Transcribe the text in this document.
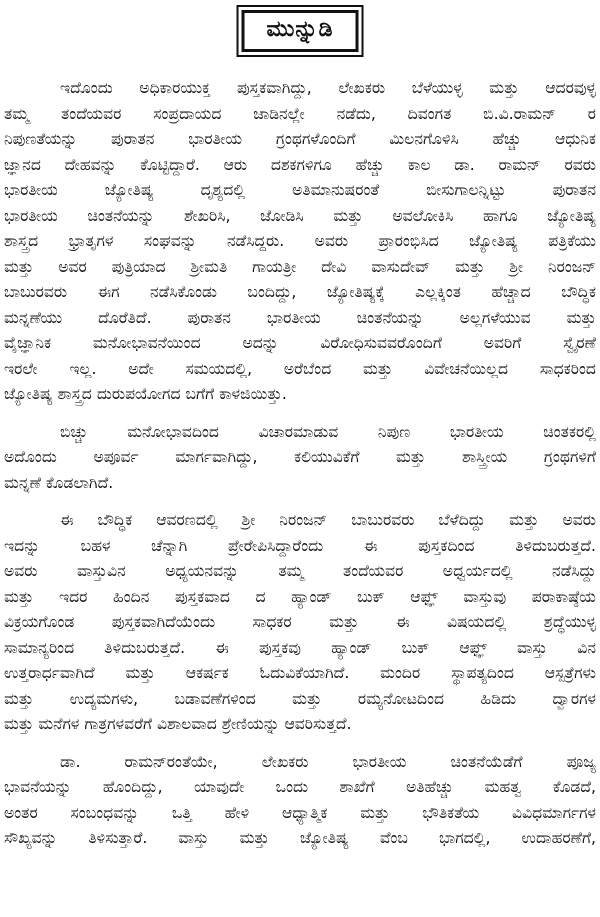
ಮುನ್ನುಡಿ

ಇದೊಂದು ಅಧಿಕಾರಯುಕ್ತ ಪುಸ್ತಕವಾಗಿದ್ದು, ಲೇಖಕರು ಬೆಳೆಯುಳ್ಳ ಮತ್ತು ಆದರವುಳ್ಳ
ತಮ್ಮ ತಂದೆಯವರ ಸಂಪ್ರದಾಯದ ಜಾಡಿನಲ್ಲೇ ನಡೆದು, ದಿವಂಗತ ಬಿ.ವಿ.ರಾಮನ್ ರ
ನಿಪುಣತೆಯನ್ನು ಪುರಾತನ ಭಾರತೀಯ ಗ್ರಂಥಗಳೊಂದಿಗೆ ಮಿಲನಗೊಳಿಸಿ ಹೆಚ್ಚು ಆಧುನಿಕ
ಜ್ಞಾನದ ದೇಹವನ್ನು ಕೊಟ್ಟಿದ್ದಾರೆ. ಆರು ದಶಕಗಳಿಗೂ ಹೆಚ್ಚು ಕಾಲ ಡಾ. ರಾಮನ್ ರವರು
ಭಾರತೀಯ ಜ್ಯೋತಿಷ್ಯ ದೃಶ್ಯದಲ್ಲಿ ಅತಿಮಾನುಷರಂತೆ ಬೀಸುಗಾಲನ್ನಿಟ್ಟು ಪುರಾತನ
ಭಾರತೀಯ ಚಿಂತನೆಯನ್ನು ಶೇಖರಿಸಿ, ಜೋಡಿಸಿ ಮತ್ತು ಅವಲೋಕಿಸಿ ಹಾಗೂ ಜ್ಯೋತಿಷ್ಯ
ಶಾಸ್ತ್ರದ ಭ್ರಾತೃಗಳ ಸಂಘವನ್ನು ನಡೆಸಿದ್ದರು. ಅವರು ಪ್ರಾರಂಭಿಸಿದ ಜ್ಯೋತಿಷ್ಯ ಪತ್ರಿಕೆಯು
ಮತ್ತು ಅವರ ಪುತ್ರಿಯಾದ ಶ್ರೀಮತಿ ಗಾಯತ್ರೀ ದೇವಿ ವಾಸುದೇವ್ ಮತ್ತು ಶ್ರೀ ನಿರಂಜನ್
ಬಾಬುರವರು ಈಗ ನಡೆಸಿಕೊಂಡು ಬಂದಿದ್ದು, ಜ್ಯೋತಿಷ್ಯಕ್ಕೆ ಎಲ್ಲಕ್ಕಿಂತ ಹೆಚ್ಚಾದ ಬೌದ್ಧಿಕ
ಮನ್ನಣೆಯು ದೊರೆತಿದೆ. ಪುರಾತನ ಭಾರತೀಯ ಚಿಂತನೆಯನ್ನು ಅಲ್ಲಗಳೆಯುವ ಮತ್ತು
ವೈಜ್ಞಾನಿಕ ಮನೋಭಾವನೆಯಿಂದ ಅದನ್ನು ವಿರೋಧಿಸುವವರೊಂದಿಗೆ ಅವರಿಗೆ ಸ್ವೈರಣೆ
ಇರಲೇ ಇಲ್ಲ. ಅದೇ ಸಮಯದಲ್ಲಿ, ಅರೆಬೆಂದ ಮತ್ತು ವಿವೇಚನೆಯಿಲ್ಲದ ಸಾಧಕರಿಂದ
ಜ್ಯೋತಿಷ್ಯ ಶಾಸ್ತ್ರದ ದುರುಪಯೋಗದ ಬಗೆಗೆ ಕಾಳಜಿಯಿತ್ತು.

ಬಿಚ್ಚು ಮನೋಭಾವದಿಂದ ವಿಚಾರಮಾಡುವ ನಿಪುಣ ಭಾರತೀಯ ಚಿಂತಕರಲ್ಲಿ
ಅದೊಂದು ಅಪೂರ್ವ ಮಾರ್ಗವಾಗಿದ್ದು, ಕಲಿಯುವಿಕೆಗೆ ಮತ್ತು ಶಾಸ್ತ್ರೀಯ ಗ್ರಂಥಗಳಿಗೆ
ಮನ್ನಣೆ ಕೊಡಲಾಗಿದೆ.

ಈ ಬೌದ್ಧಿಕ ಆವರಣದಲ್ಲಿ ಶ್ರೀ ನಿರಂಜನ್ ಬಾಬುರವರು ಬೆಳೆದಿದ್ದು ಮತ್ತು ಅವರು
ಇದನ್ನು ಬಹಳ ಚೆನ್ನಾಗಿ ಪ್ರೇರೇಪಿಸಿದ್ದಾರೆಂದು ಈ ಪುಸ್ತಕದಿಂದ ತಿಳಿದುಬರುತ್ತದೆ.
ಅವರು ವಾಸ್ತುವಿನ ಅಧ್ಯಯನವನ್ನು ತಮ್ಮ ತಂದೆಯವರ ಅಧ್ವರ್ಯದಲ್ಲಿ ನಡೆಸಿದ್ದು
ಮತ್ತು ಇದರ ಹಿಂದಿನ ಪುಸ್ತಕವಾದ ದ ಹ್ಯಾಂಡ್ ಬುಕ್ ಆಫ್ಞ್ ವಾಸ್ತುವು ಪರಾಕಾಷ್ಠೆಯ
ವಿಕ್ರಯಗೊಂಡ ಪುಸ್ತಕವಾಗಿದೆಯೆಂದು ಸಾಧಕರ ಮತ್ತು ಈ ವಿಷಯದಲ್ಲಿ ಶ್ರದ್ಧೆಯುಳ್ಳ
ಸಾಮಾನ್ಯರಿಂದ ತಿಳಿದುಬರುತ್ತದೆ. ಈ ಪುಸ್ತಕವು ಹ್ಯಾಂಡ್ ಬುಕ್ ಆಫ್ಞ್ ವಾಸ್ತು ವಿನ
ಉತ್ತರಾರ್ಧವಾಗಿದೆ ಮತ್ತು ಆಕರ್ಷಕ ಓದುವಿಕೆಯಾಗಿದೆ. ಮಂದಿರ ಸ್ಥಾಪತ್ಯದಿಂದ ಆಸ್ಪತ್ರೆಗಳು
ಮತ್ತು ಉದ್ಯಮಗಳು, ಬಡಾವಣೆಗಳಿಂದ ಮತ್ತು ರಮ್ಯನೋಟದಿಂದ ಹಿಡಿದು ದ್ವಾರಗಳ
ಮತ್ತು ಮನೆಗಳ ಗಾತ್ರಗಳವರೆಗೆ ವಿಶಾಲವಾದ ಶ್ರೇಣಿಯನ್ನು ಆವರಿಸುತ್ತದೆ.

ಡಾ. ರಾಮನ್‌ರಂತೆಯೇ, ಲೇಖಕರು ಭಾರತೀಯ ಚಿಂತನೆಯೆಡೆಗೆ ಪೂಜ್ಯ
ಭಾವನೆಯನ್ನು ಹೊಂದಿದ್ದು, ಯಾವುದೇ ಒಂದು ಶಾಖೆಗೆ ಅತಿಹೆಚ್ಚು ಮಹತ್ವ ಕೊಡದೆ,
ಅಂತರ ಸಂಬಂಧವನ್ನು ಒತ್ತಿ ಹೇಳಿ ಆಧ್ಯಾತ್ಮಿಕ ಮತ್ತು ಭೌತಿಕತೆಯ ವಿವಿಧಮಾರ್ಗಗಳ
ಸೌಖ್ಯವನ್ನು ತಿಳಿಸುತ್ತಾರೆ. ವಾಸ್ತು ಮತ್ತು ಜ್ಯೋತಿಷ್ಯ ವೆಂಬ ಭಾಗದಲ್ಲಿ, ಉದಾಹರಣೆಗೆ,
